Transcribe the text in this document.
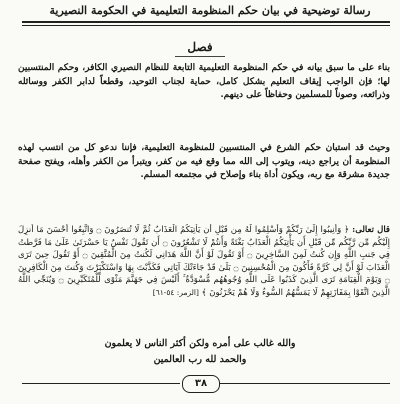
رسالة توضيحية في بيان حكم المنظومة التعليمية في الحكومة النصيرية
فصل
بناء على ما سبق بيانه في حكم المنظومة التعليمية التابعة للنظام النصيري الكافر، وحكم المنتسبين لها؛ فإن الواجب إيقاف التعليم بشكل كامل، حماية لجناب التوحيد، وقطعاً لدابر الكفر ووسائله وذرائعه، وصوناً للمسلمين وحفاظاً على دينهم.
وحيث قد استبان حكم الشرع في المنتسبين للمنظومة التعليمية، فإننا ندعو كل من انتسب لهذه المنظومة أن يراجع دينه، ويتوب إلى الله مما وقع فيه من كفر، ويتبرأ من الكفر وأهله، ويفتح صفحة جديدة مشرقة مع ربه، ويكون أداة بناء وإصلاح في مجتمعه المسلم.
قال تعالى: ﴿ وَأَنِيبُوا إِلَىٰ رَبِّكُمْ وَأَسْلِمُوا لَهُ مِن قَبْلِ أَن يَأْتِيَكُمُ الْعَذَابُ ثُمَّ لَا تُنصَرُونَ ۝ وَاتَّبِعُوا أَحْسَنَ مَا أُنزِلَ إِلَيْكُم مِّن رَّبِّكُم مِّن قَبْلِ أَن يَأْتِيَكُمُ الْعَذَابُ بَغْتَةً وَأَنتُمْ لَا تَشْعُرُونَ ۝ أَن تَقُولَ نَفْسٌ يَا حَسْرَتَىٰ عَلَىٰ مَا فَرَّطتُ فِي جَنبِ اللَّهِ وَإِن كُنتُ لَمِنَ السَّاخِرِينَ ۝ أَوْ تَقُولَ لَوْ أَنَّ اللَّهَ هَدَانِي لَكُنتُ مِنَ الْمُتَّقِينَ ۝ أَوْ تَقُولَ حِينَ تَرَى الْعَذَابَ لَوْ أَنَّ لِي كَرَّةً فَأَكُونَ مِنَ الْمُحْسِنِينَ ۝ بَلَىٰ قَدْ جَاءَتْكَ آيَاتِي فَكَذَّبْتَ بِهَا وَاسْتَكْبَرْتَ وَكُنتَ مِنَ الْكَافِرِينَ ۝ وَيَوْمَ الْقِيَامَةِ تَرَى الَّذِينَ كَذَبُوا عَلَى اللَّهِ وُجُوهُهُم مُّسْوَدَّةٌ ۚ أَلَيْسَ فِي جَهَنَّمَ مَثْوًى لِّلْمُتَكَبِّرِينَ ۝ وَيُنَجِّي اللَّهُ الَّذِينَ اتَّقَوْا بِمَفَازَتِهِمْ لَا يَمَسُّهُمُ السُّوءُ وَلَا هُمْ يَحْزَنُونَ ﴾ [الزمر: ٥٤-٦١]
والله غالب على أمره ولكن أكثر الناس لا يعلمون
والحمد لله رب العالمين
٣٨
